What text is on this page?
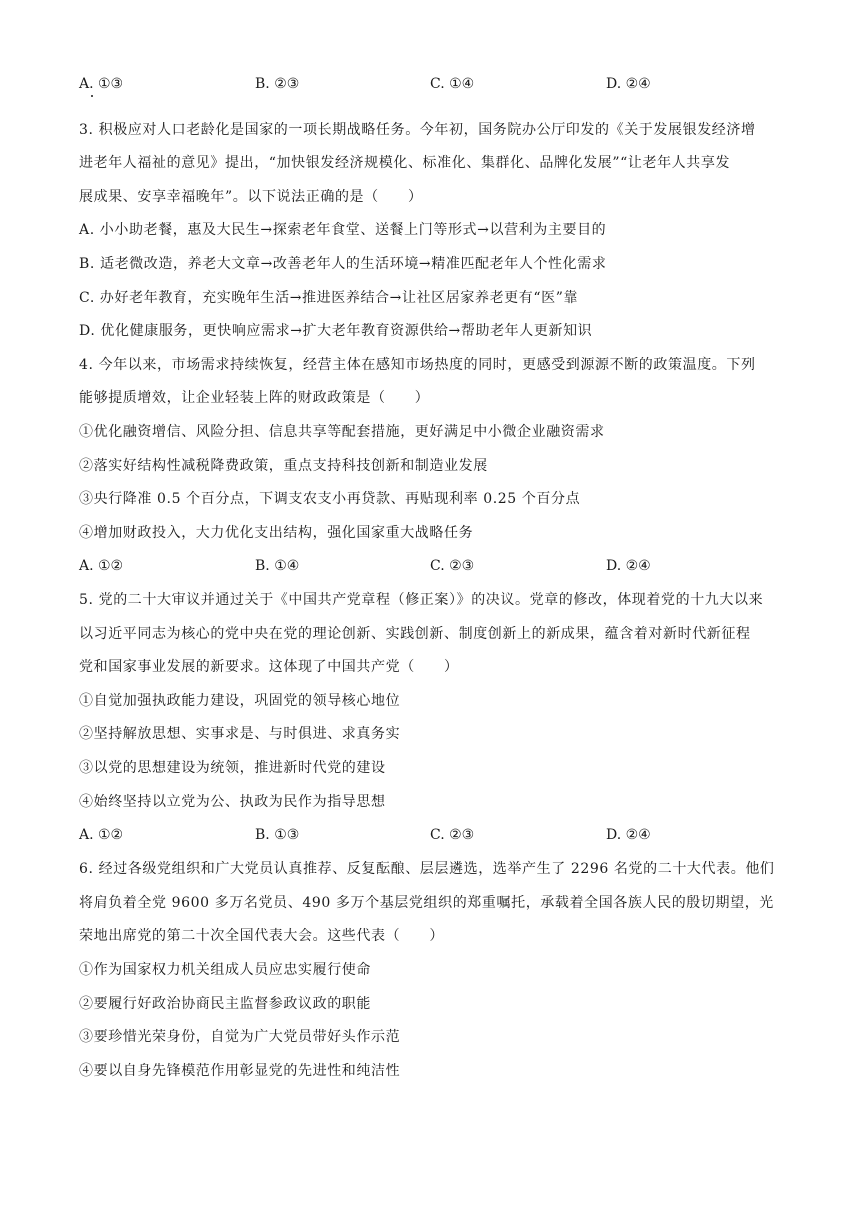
A. ①③	B. ②③	C. ①④	D. ②④
3. 积极应对人口老龄化是国家的一项长期战略任务。今年初，国务院办公厅印发的《关于发展银发经济增
进老年人福祉的意见》提出，“加快银发经济规模化、标准化、集群化、品牌化发展”“让老年人共享发
展成果、安享幸福晚年”。以下说法正确的是（　　）
A. 小小助老餐，惠及大民生→探索老年食堂、送餐上门等形式→以营利为主要目的
B. 适老微改造，养老大文章→改善老年人的生活环境→精准匹配老年人个性化需求
C. 办好老年教育，充实晚年生活→推进医养结合→让社区居家养老更有“医”靠
D. 优化健康服务，更快响应需求→扩大老年教育资源供给→帮助老年人更新知识
4. 今年以来，市场需求持续恢复，经营主体在感知市场热度的同时，更感受到源源不断的政策温度。下列
能够提质增效，让企业轻装上阵的财政政策是（　　）
①优化融资增信、风险分担、信息共享等配套措施，更好满足中小微企业融资需求
②落实好结构性减税降费政策，重点支持科技创新和制造业发展
③央行降准 0.5 个百分点，下调支农支小再贷款、再贴现利率 0.25 个百分点
④增加财政投入，大力优化支出结构，强化国家重大战略任务
A. ①②	B. ①④	C. ②③	D. ②④
5. 党的二十大审议并通过关于《中国共产党章程（修正案）》的决议。党章的修改，体现着党的十九大以来
以习近平同志为核心的党中央在党的理论创新、实践创新、制度创新上的新成果，蕴含着对新时代新征程
党和国家事业发展的新要求。这体现了中国共产党（　　）
①自觉加强执政能力建设，巩固党的领导核心地位
②坚持解放思想、实事求是、与时俱进、求真务实
③以党的思想建设为统领，推进新时代党的建设
④始终坚持以立党为公、执政为民作为指导思想
A. ①②	B. ①③	C. ②③	D. ②④
6. 经过各级党组织和广大党员认真推荐、反复酝酿、层层遴选，选举产生了 2296 名党的二十大代表。他们
将肩负着全党 9600 多万名党员、490 多万个基层党组织的郑重嘱托，承载着全国各族人民的殷切期望，光
荣地出席党的第二十次全国代表大会。这些代表（　　）
①作为国家权力机关组成人员应忠实履行使命
②要履行好政治协商民主监督参政议政的职能
③要珍惜光荣身份，自觉为广大党员带好头作示范
④要以自身先锋模范作用彰显党的先进性和纯洁性
